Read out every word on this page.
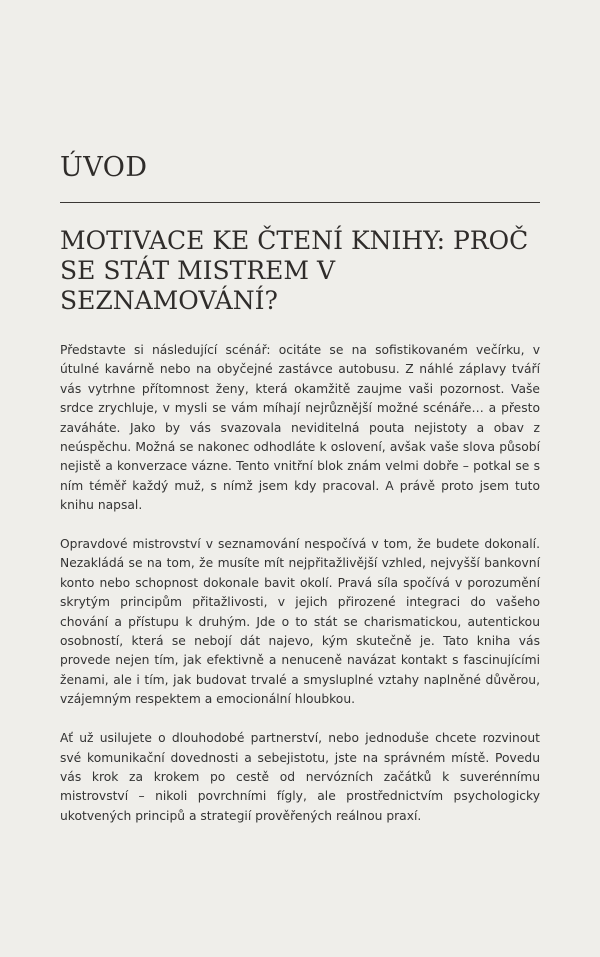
ÚVOD
MOTIVACE KE ČTENÍ KNIHY: PROČ SE STÁT MISTREM V SEZNAMOVÁNÍ?

Představte si následující scénář: ocitáte se na sofistikovaném večírku, v útulné kavárně nebo na obyčejné zastávce autobusu. Z náhlé záplavy tváří vás vytrhne přítomnost ženy, která okamžitě zaujme vaši pozornost. Vaše srdce zrychluje, v mysli se vám míhají nejrůznější možné scénáře… a přesto zaváháte. Jako by vás svazovala neviditelná pouta nejistoty a obav z neúspěchu. Možná se nakonec odhodláte k oslovení, avšak vaše slova působí nejistě a konverzace vázne. Tento vnitřní blok znám velmi dobře – potkal se s ním téměř každý muž, s nímž jsem kdy pracoval. A právě proto jsem tuto knihu napsal.

Opravdové mistrovství v seznamování nespočívá v tom, že budete dokonalí. Nezakládá se na tom, že musíte mít nejpřitažlivější vzhled, nejvyšší bankovní konto nebo schopnost dokonale bavit okolí. Pravá síla spočívá v porozumění skrytým principům přitažlivosti, v jejich přirozené integraci do vašeho chování a přístupu k druhým. Jde o to stát se charismatickou, autentickou osobností, která se nebojí dát najevo, kým skutečně je. Tato kniha vás provede nejen tím, jak efektivně a nenuceně navázat kontakt s fascinujícími ženami, ale i tím, jak budovat trvalé a smysluplné vztahy naplněné důvěrou, vzájemným respektem a emocionální hloubkou.

Ať už usilujete o dlouhodobé partnerství, nebo jednoduše chcete rozvinout své komunikační dovednosti a sebejistotu, jste na správném místě. Povedu vás krok za krokem po cestě od nervózních začátků k suverénnímu mistrovství – nikoli povrchními fígly, ale prostřednictvím psychologicky ukotvených principů a strategií prověřených reálnou praxí.
